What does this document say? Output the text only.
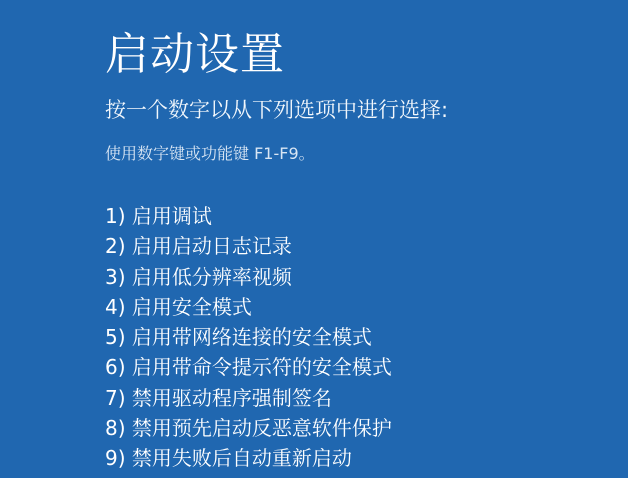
启动设置
按一个数字以从下列选项中进行选择:
使用数字键或功能键 F1-F9。
1) 启用调试
2) 启用启动日志记录
3) 启用低分辨率视频
4) 启用安全模式
5) 启用带网络连接的安全模式
6) 启用带命令提示符的安全模式
7) 禁用驱动程序强制签名
8) 禁用预先启动反恶意软件保护
9) 禁用失败后自动重新启动
